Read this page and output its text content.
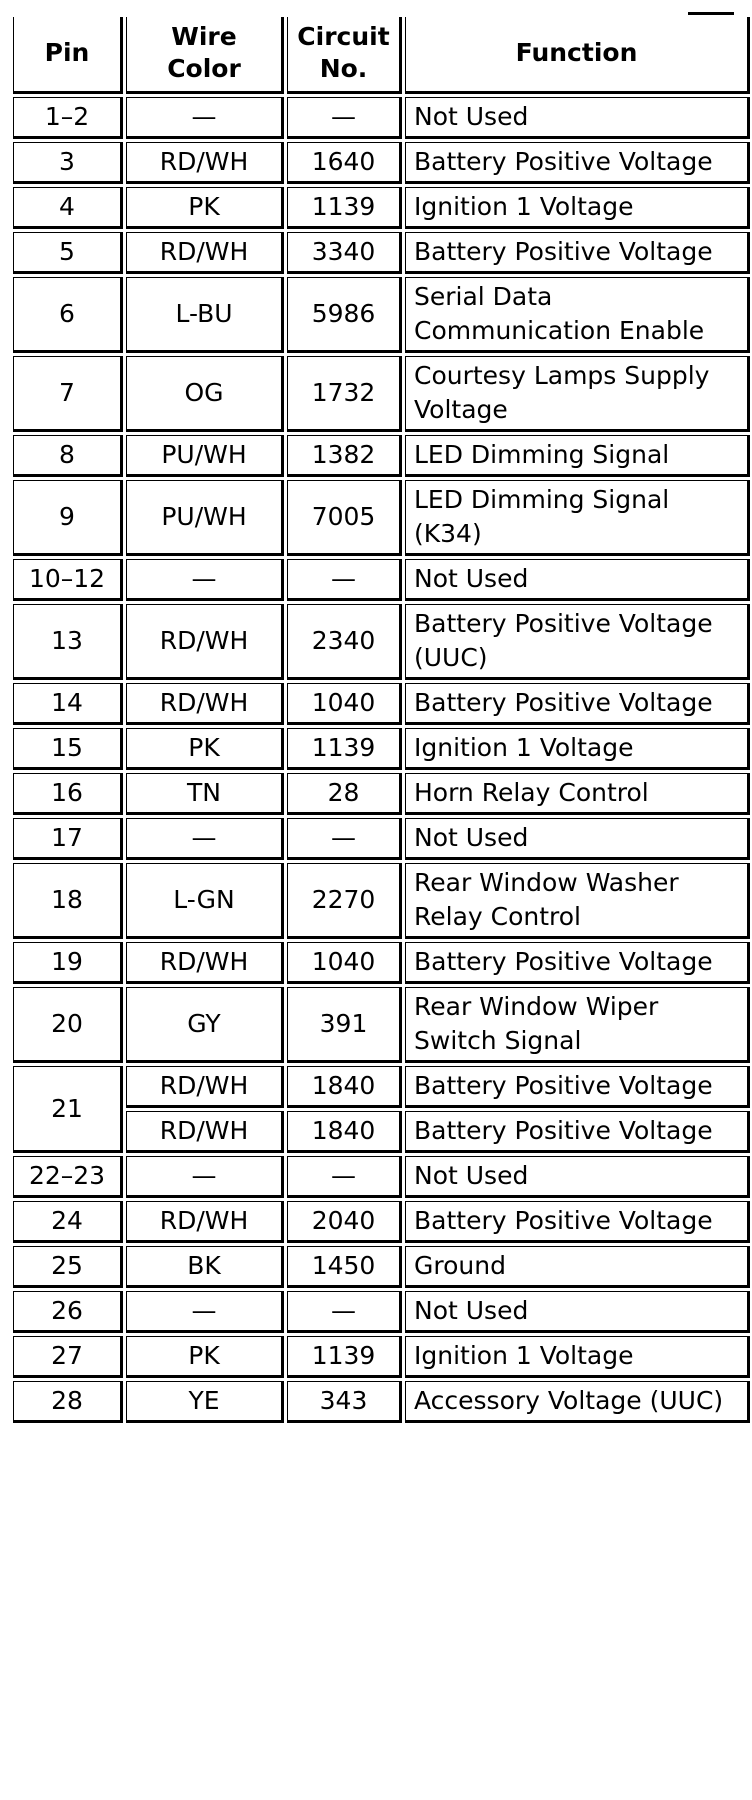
Pin	Wire Color	Circuit No.	Function
1–2	—	—	Not Used
3	RD/WH	1640	Battery Positive Voltage
4	PK	1139	Ignition 1 Voltage
5	RD/WH	3340	Battery Positive Voltage
6	L-BU	5986	Serial Data Communication Enable
7	OG	1732	Courtesy Lamps Supply Voltage
8	PU/WH	1382	LED Dimming Signal
9	PU/WH	7005	LED Dimming Signal (K34)
10–12	—	—	Not Used
13	RD/WH	2340	Battery Positive Voltage (UUC)
14	RD/WH	1040	Battery Positive Voltage
15	PK	1139	Ignition 1 Voltage
16	TN	28	Horn Relay Control
17	—	—	Not Used
18	L-GN	2270	Rear Window Washer Relay Control
19	RD/WH	1040	Battery Positive Voltage
20	GY	391	Rear Window Wiper Switch Signal
21	RD/WH	1840	Battery Positive Voltage
	RD/WH	1840	Battery Positive Voltage
22–23	—	—	Not Used
24	RD/WH	2040	Battery Positive Voltage
25	BK	1450	Ground
26	—	—	Not Used
27	PK	1139	Ignition 1 Voltage
28	YE	343	Accessory Voltage (UUC)
